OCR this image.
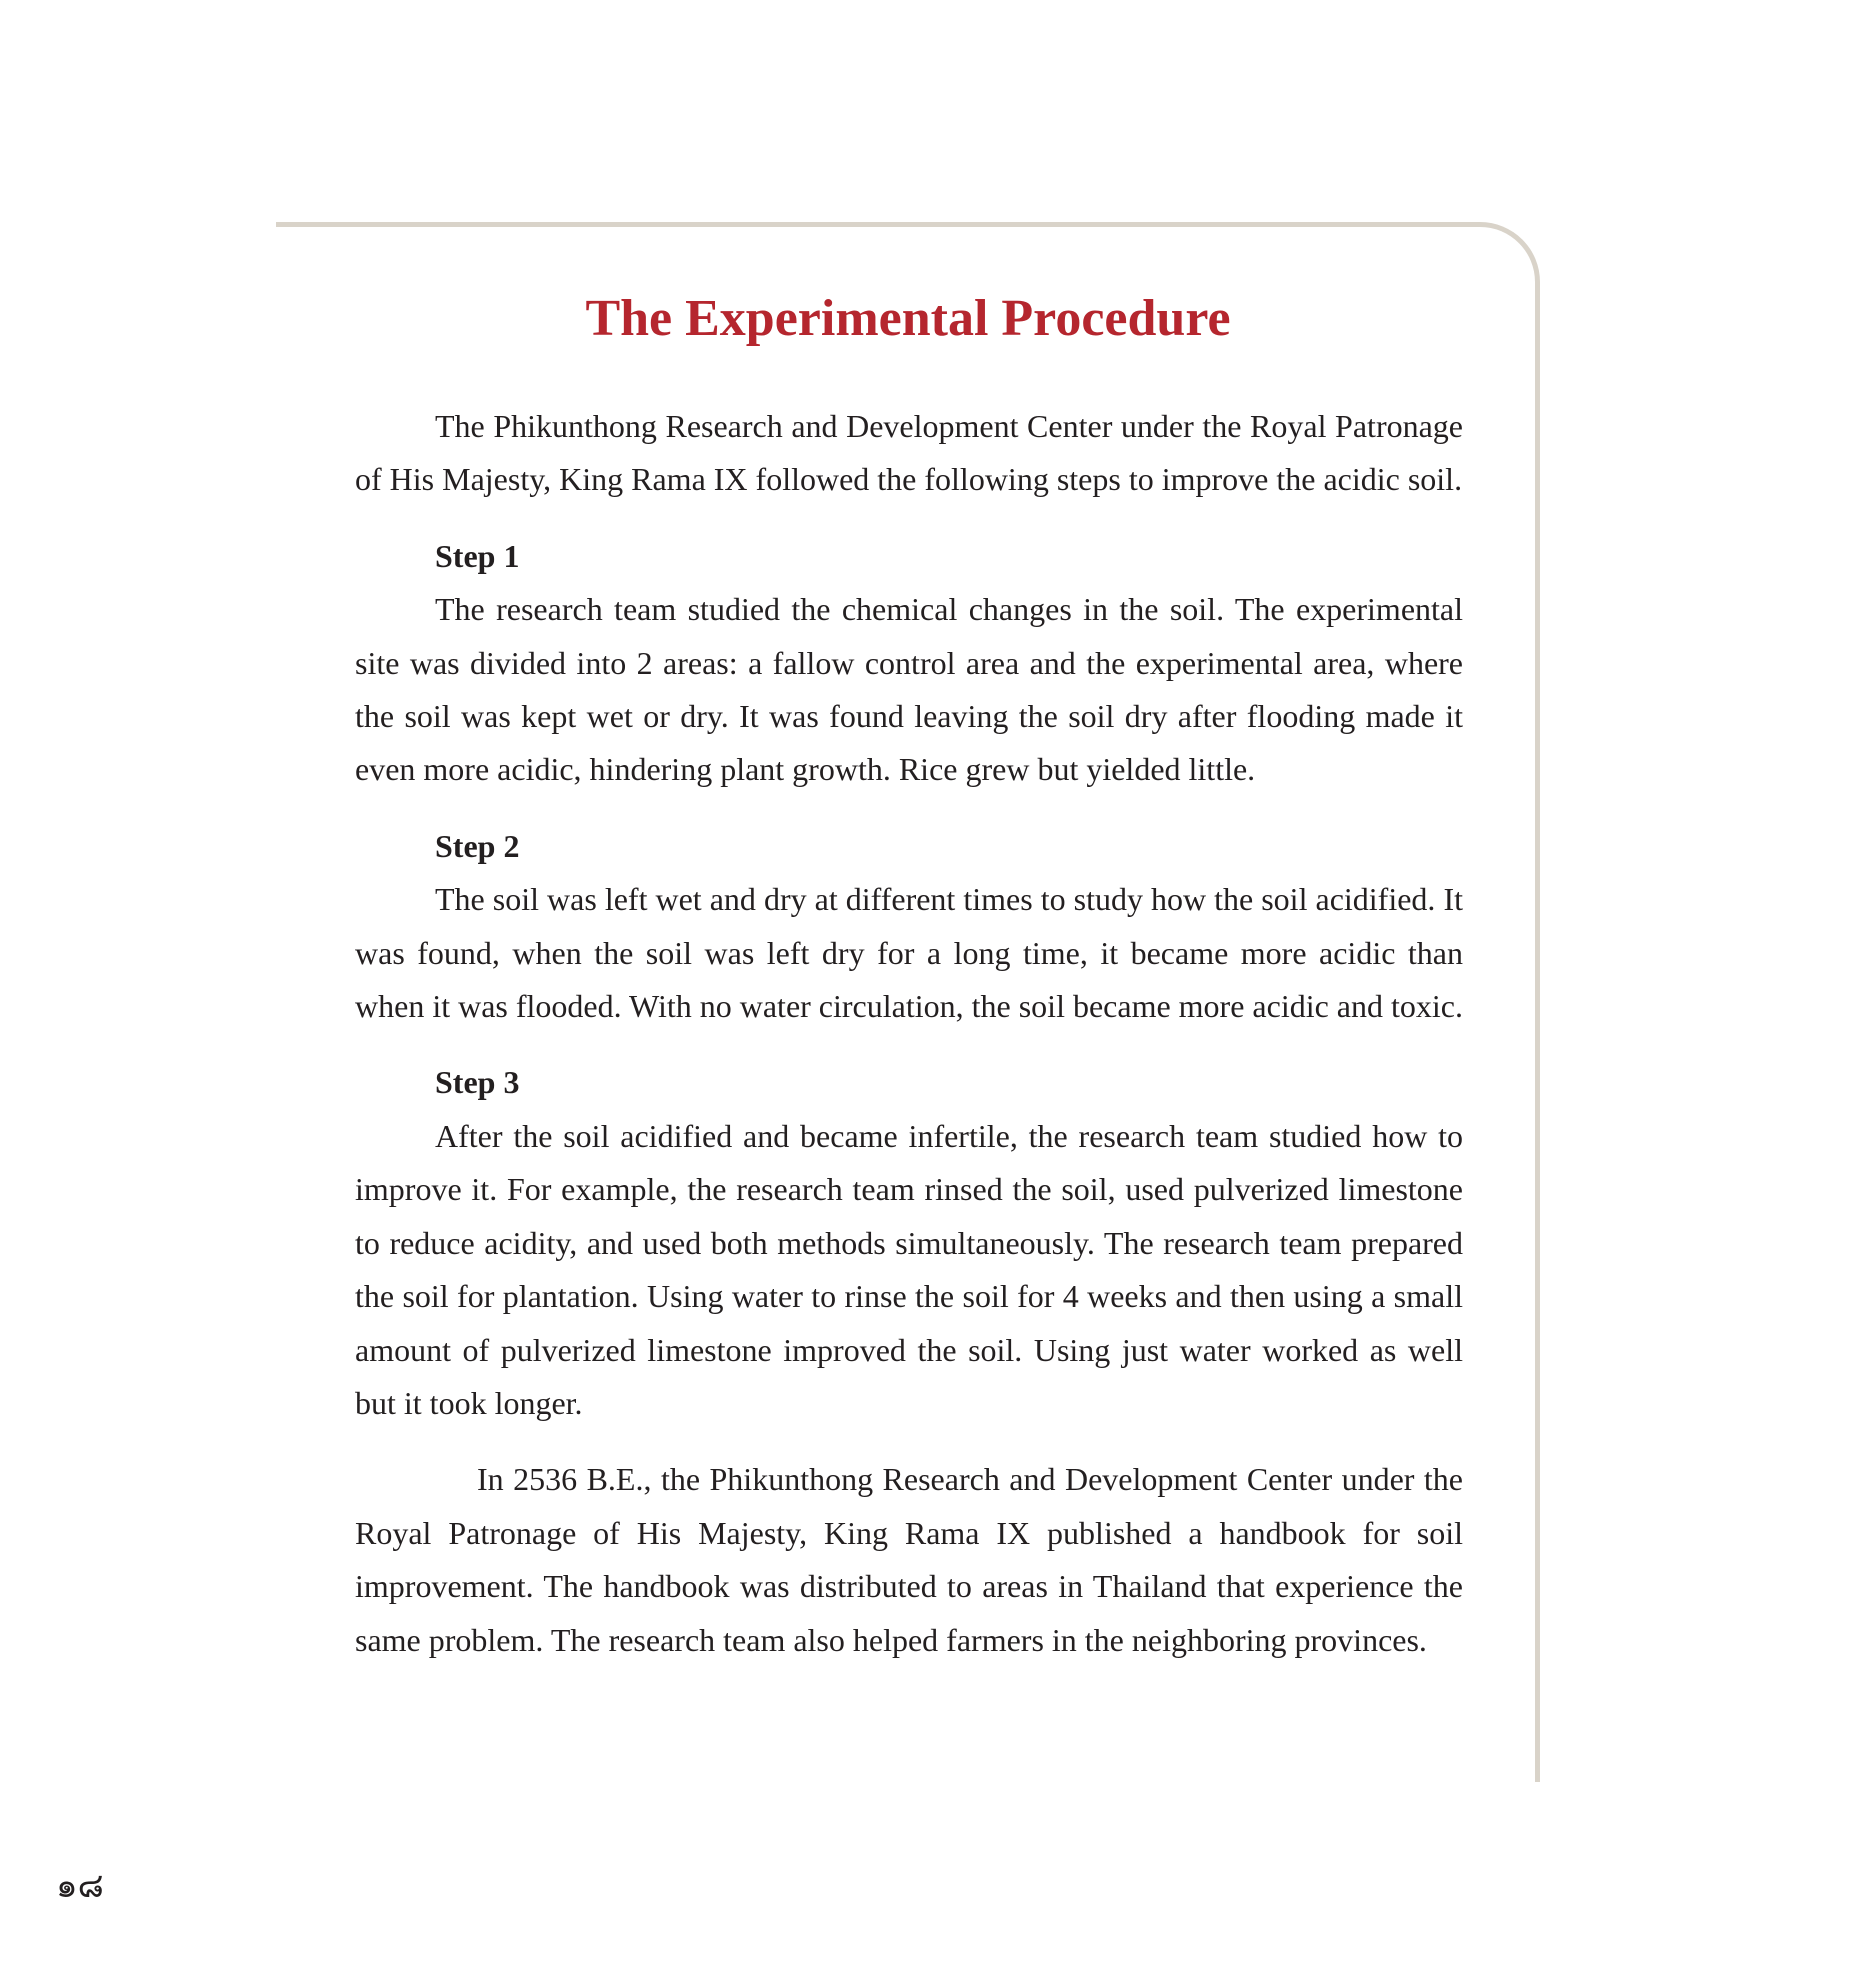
The Experimental Procedure

The Phikunthong Research and Development Center under the Royal Patronage of His Majesty, King Rama IX followed the following steps to improve the acidic soil.

Step 1

The research team studied the chemical changes in the soil. The experimental site was divided into 2 areas: a fallow control area and the experimental area, where the soil was kept wet or dry. It was found leaving the soil dry after flooding made it even more acidic, hindering plant growth. Rice grew but yielded little.

Step 2

The soil was left wet and dry at different times to study how the soil acidified. It was found, when the soil was left dry for a long time, it became more acidic than when it was flooded. With no water circulation, the soil became more acidic and toxic.

Step 3

After the soil acidified and became infertile, the research team studied how to improve it. For example, the research team rinsed the soil, used pulverized limestone to reduce acidity, and used both methods simultaneously. The research team prepared the soil for plantation. Using water to rinse the soil for 4 weeks and then using a small amount of pulverized limestone improved the soil. Using just water worked as well but it took longer.

In 2536 B.E., the Phikunthong Research and Development Center under the Royal Patronage of His Majesty, King Rama IX published a handbook for soil improvement. The handbook was distributed to areas in Thailand that experience the same problem. The research team also helped farmers in the neighboring provinces.

๑๘
